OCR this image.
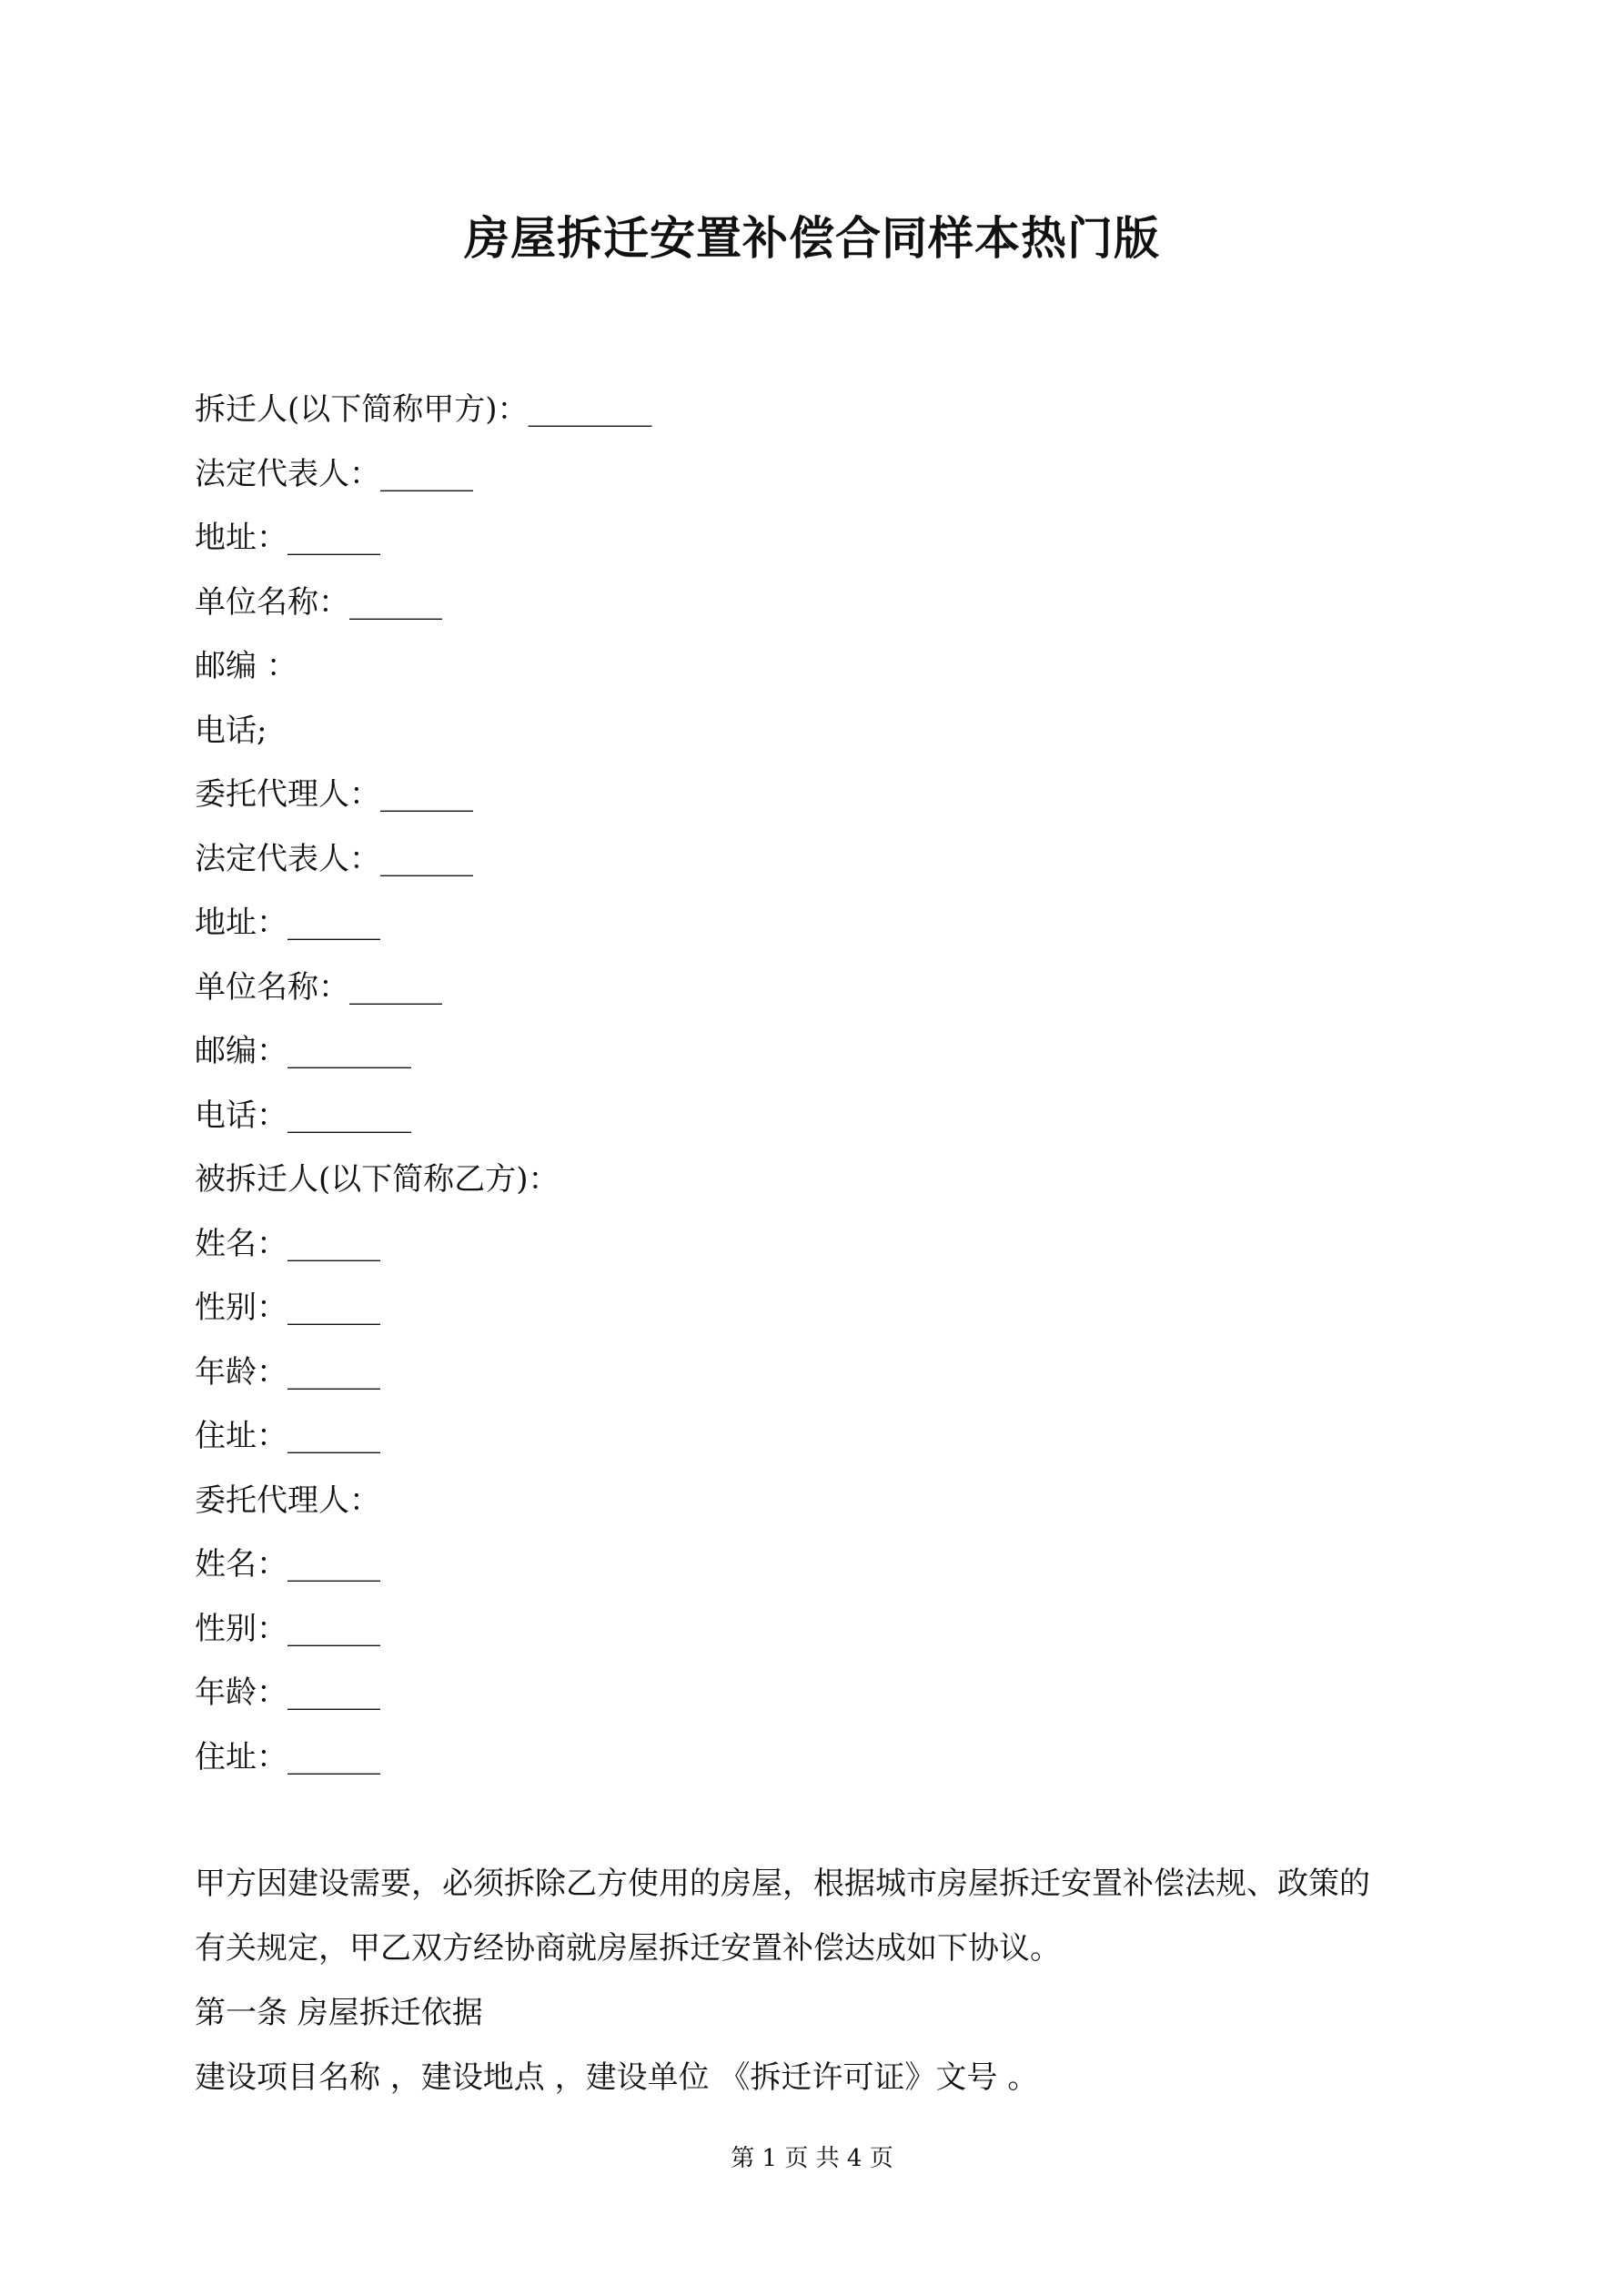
房屋拆迁安置补偿合同样本热门版
拆迁人(以下简称甲方)：________
法定代表人：______
地址：______
单位名称：______
邮编 ：
电话;
委托代理人：______
法定代表人：______
地址：______
单位名称：______
邮编：________
电话：________
被拆迁人(以下简称乙方)：
姓名：______
性别：______
年龄：______
住址：______
委托代理人：
姓名：______
性别：______
年龄：______
住址：______
甲方因建设需要，必须拆除乙方使用的房屋，根据城市房屋拆迁安置补偿法规、政策的
有关规定，甲乙双方经协商就房屋拆迁安置补偿达成如下协议。
第一条 房屋拆迁依据
建设项目名称 ，建设地点 ，建设单位 《拆迁许可证》文号 。
第 1 页 共 4 页
